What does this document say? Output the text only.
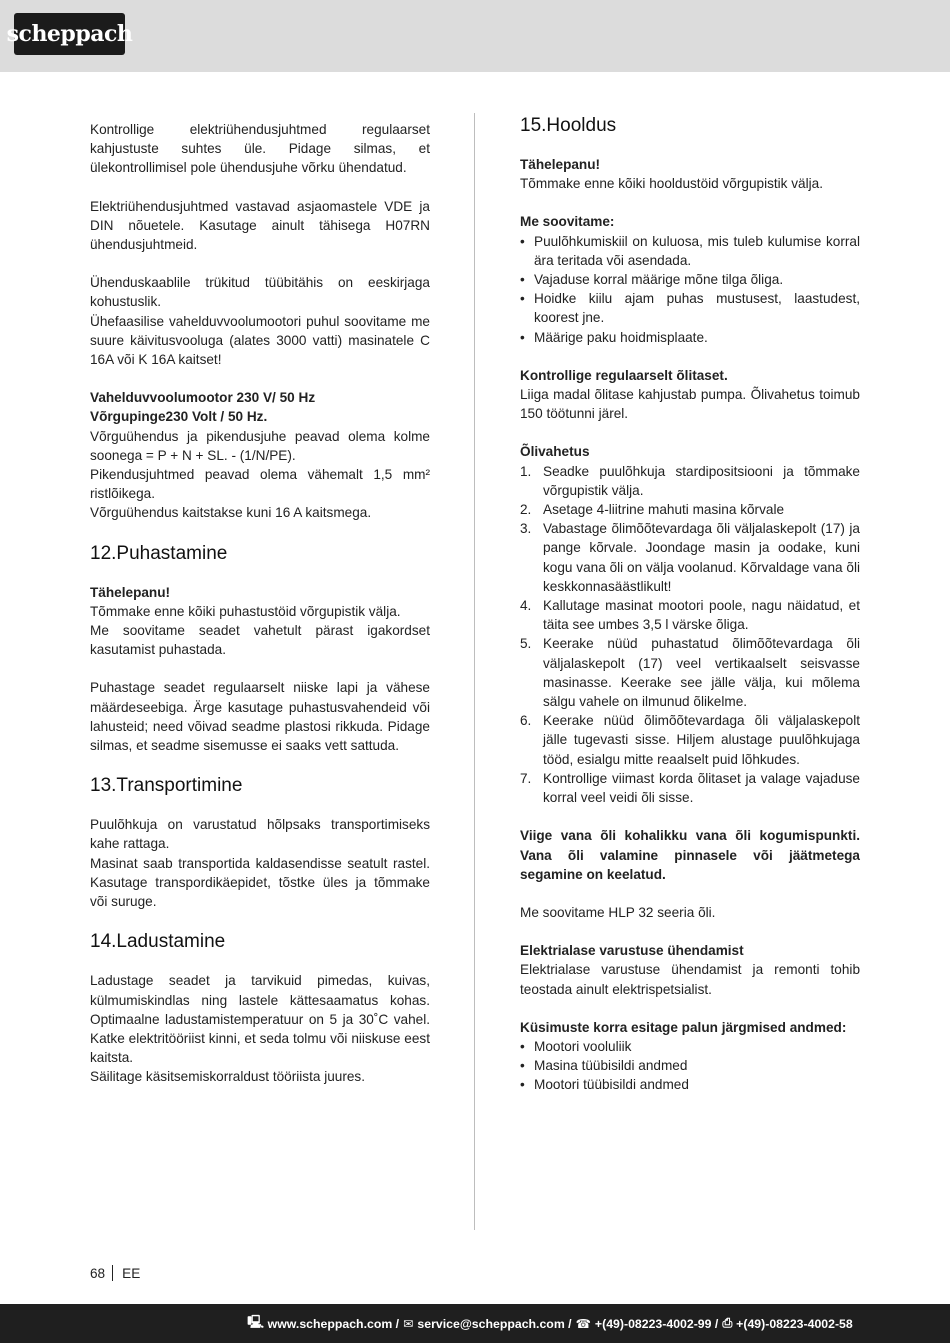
scheppach

Kontrollige elektriühendusjuhtmed regulaarset kahjustuste suhtes üle. Pidage silmas, et ülekontrollimisel pole ühendusjuhe võrku ühendatud.

Elektriühendusjuhtmed vastavad asjaomastele VDE ja DIN nõuetele. Kasutage ainult tähisega H07RN ühendusjuhtmeid.

Ühenduskaablile trükitud tüübitähis on eeskirjaga kohustuslik.

Ühefaasilise vahelduvvoolumootori puhul soovitame me suure käivitusvooluga (alates 3000 vatti) masinatele C 16A või K 16A kaitset!

Vahelduvvoolumootor 230 V/ 50 Hz

Võrgupinge230 Volt / 50 Hz.

Võrguühendus ja pikendusjuhe peavad olema kolme soonega = P + N + SL. - (1/N/PE).

Pikendusjuhtmed peavad olema vähemalt 1,5 mm² ristlõikega.

Võrguühendus kaitstakse kuni 16 A kaitsmega.

12.Puhastamine

Tähelepanu!

Tõmmake enne kõiki puhastustöid võrgupistik välja.

Me soovitame seadet vahetult pärast igakordset kasutamist puhastada.

Puhastage seadet regulaarselt niiske lapi ja vähese määrdeseebiga. Ärge kasutage puhastusvahendeid või lahusteid; need võivad seadme plastosi rikkuda. Pidage silmas, et seadme sisemusse ei saaks vett sattuda.

13.Transportimine

Puulõhkuja on varustatud hõlpsaks transportimiseks kahe rattaga.

Masinat saab transportida kaldasendisse seatult rastel. Kasutage transpordikäepidet, tõstke üles ja tõmmake või suruge.

14.Ladustamine

Ladustage seadet ja tarvikuid pimedas, kuivas, külmumiskindlas ning lastele kättesaamatus kohas. Optimaalne ladustamistemperatuur on 5 ja 30˚C vahel. Katke elektritööriist kinni, et seda tolmu või niiskuse eest kaitsta.

Säilitage käsitsemiskorraldust tööriista juures.

15.Hooldus

Tähelepanu!

Tõmmake enne kõiki hooldustöid võrgupistik välja.

Me soovitame:

• Puulõhkumiskiil on kuluosa, mis tuleb kulumise korral ära teritada või asendada.
• Vajaduse korral määrige mõne tilga õliga.
• Hoidke kiilu ajam puhas mustusest, laastudest, koorest jne.
• Määrige paku hoidmisplaate.

Kontrollige regulaarselt õlitaset.

Liiga madal õlitase kahjustab pumpa. Õlivahetus toimub 150 töötunni järel.

Õlivahetus

1. Seadke puulõhkuja stardipositsiooni ja tõmmake võrgupistik välja.
2. Asetage 4-liitrine mahuti masina kõrvale
3. Vabastage õlimõõtevardaga õli väljalaskepolt (17) ja pange kõrvale. Joondage masin ja oodake, kuni kogu vana õli on välja voolanud. Kõrvaldage vana õli keskkonnasäästlikult!
4. Kallutage masinat mootori poole, nagu näidatud, et täita see umbes 3,5 l värske õliga.
5. Keerake nüüd puhastatud õlimõõtevardaga õli väljalaskepolt (17) veel vertikaalselt seisvasse masinasse. Keerake see jälle välja, kui mõlema sälgu vahele on ilmunud õlikelme.
6. Keerake nüüd õlimõõtevardaga õli väljalaskepolt jälle tugevasti sisse. Hiljem alustage puulõhkujaga tööd, esialgu mitte reaalselt puid lõhkudes.
7. Kontrollige viimast korda õlitaset ja valage vajaduse korral veel veidi õli sisse.

Viige vana õli kohalikku vana õli kogumispunkti. Vana õli valamine pinnasele või jäätmetega segamine on keelatud.

Me soovitame HLP 32 seeria õli.

Elektrialase varustuse ühendamist

Elektrialase varustuse ühendamist ja remonti tohib teostada ainult elektrispetsialist.

Küsimuste korra esitage palun järgmised andmed:

• Mootori vooluliik
• Masina tüübisildi andmed
• Mootori tüübisildi andmed
68 EE
🖳 www.scheppach.com / ✉ service@scheppach.com / ☎ +(49)-08223-4002-99 / ⎙ +(49)-08223-4002-58
